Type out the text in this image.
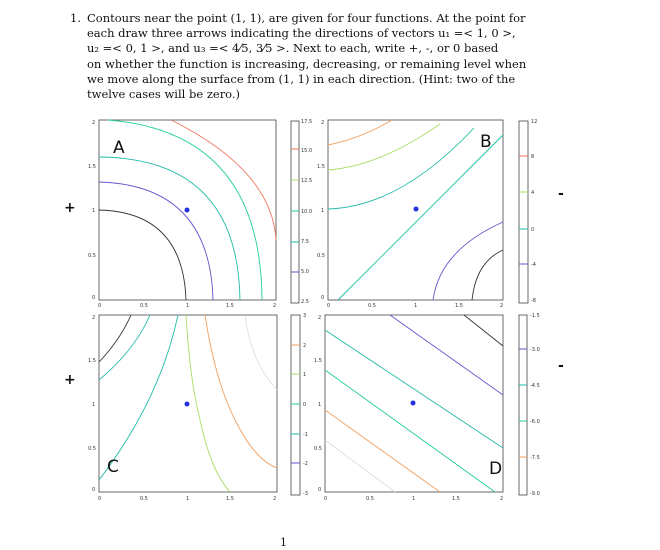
1. Contours near the point (1, 1), are given for four functions. At the point for
each draw three arrows indicating the directions of vectors u₁ =< 1, 0 >,
u₂ =< 0, 1 >, and u₃ =< 4⁄5, 3⁄5 >. Next to each, write +, -, or 0 based
on whether the function is increasing, decreasing, or remaining level when
we move along the surface from (1, 1) in each direction. (Hint: two of the
twelve cases will be zero.)
+
+
-
-
A
2
1.5
1
0.5
0
0	0.5	1	1.5	2
17.5
15.0
12.5
10.0
7.5
5.0
2.5
B
2
1.5
1
0.5
0
0	0.5	1	1.5	2
12
8
4
0
-4
-8
C
2
1.5
1
0.5
0
0	0.5	1	1.5	2
3
2
1
0
-1
-2
-3
D
2
1.5
1
0.5
0
0	0.5	1	1.5	2
-1.5
-3.0
-4.5
-6.0
-7.5
-9.0
1
